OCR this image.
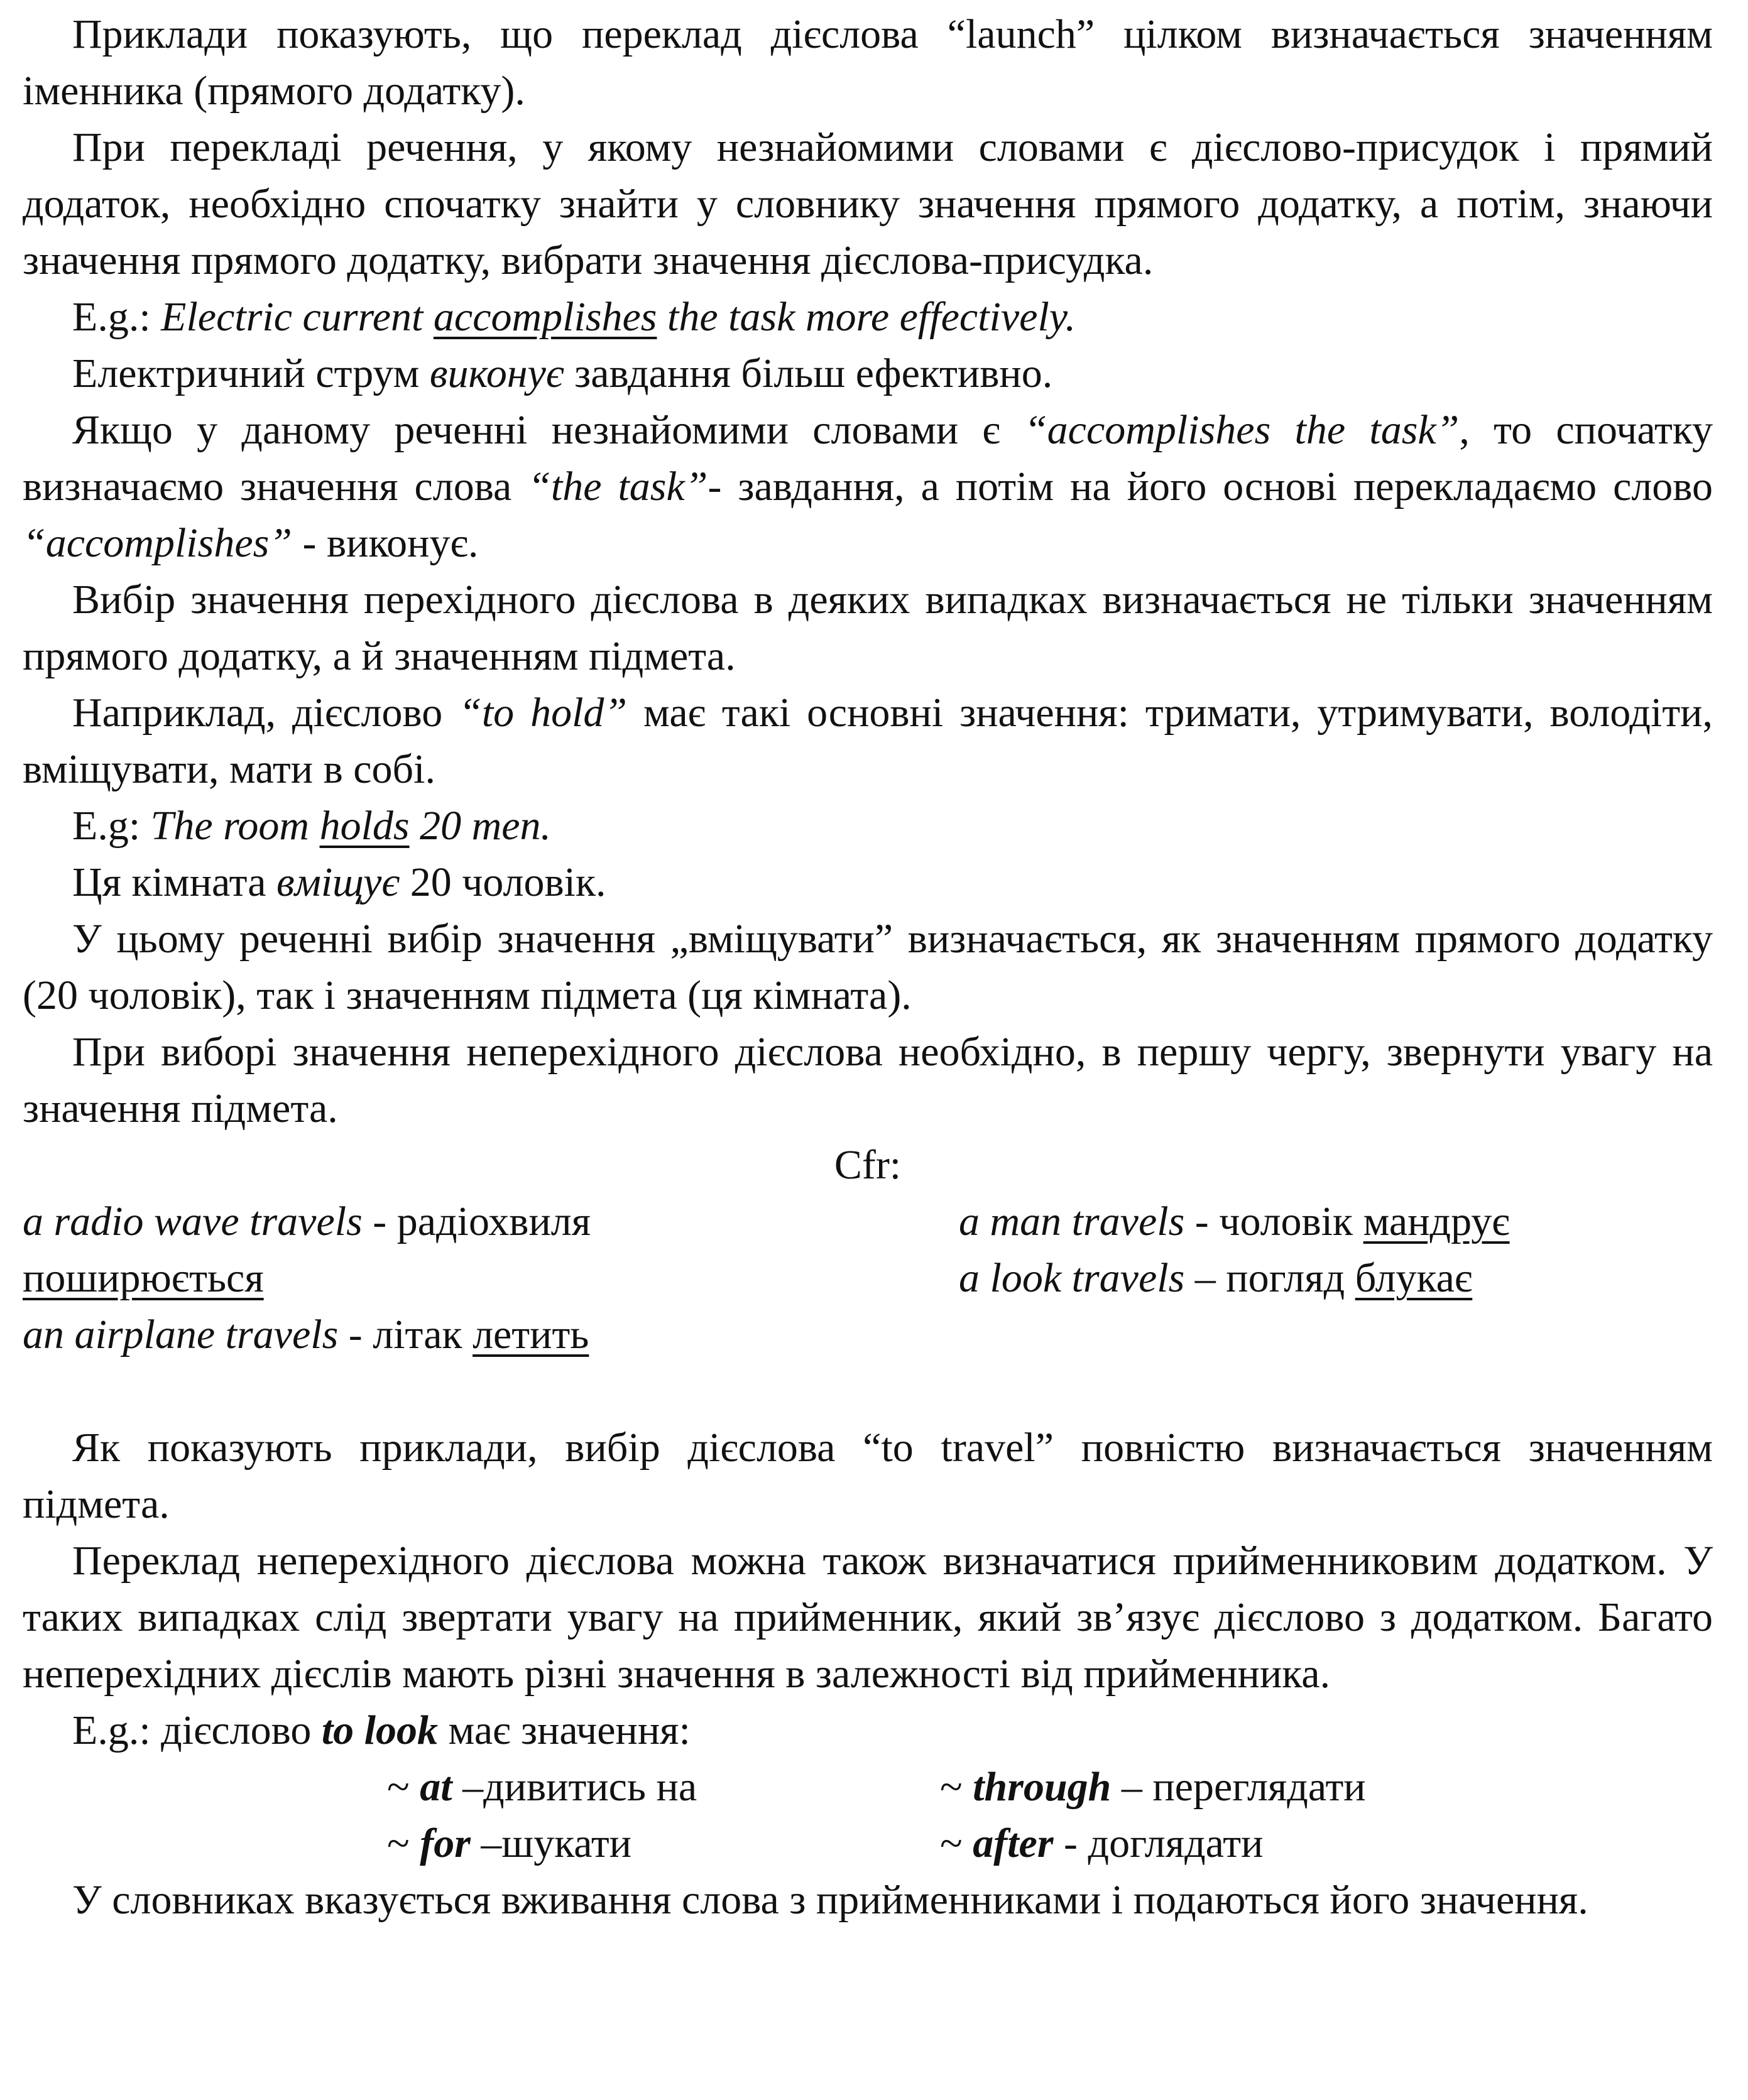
Приклади показують, що переклад дієслова “launch” цілком визначається значенням іменника (прямого додатку).

При перекладі речення, у якому незнайомими словами є дієслово-присудок і прямий додаток, необхідно спочатку знайти у словнику значення прямого додатку, а потім, знаючи значення прямого додатку, вибрати значення дієслова-присудка.

E.g.: Electric current accomplishes the task more effectively.

Електричний струм виконує завдання більш ефективно.

Якщо у даному реченні незнайомими словами є “accomplishes the task”, то спочатку визначаємо значення слова “the task”- завдання, а потім на його основі перекладаємо слово “accomplishes” - виконує.

Вибір значення перехідного дієслова в деяких випадках визначається не тільки значенням прямого додатку, а й значенням підмета.

Наприклад, дієслово “to hold” має такі основні значення: тримати, утримувати, володіти, вміщувати, мати в собі.

E.g: The room holds 20 men.

Ця кімната вміщує 20 чоловік.

У цьому реченні вибір значення „вміщувати” визначається, як значенням прямого додатку (20 чоловік), так і значенням підмета (ця кімната).

При виборі значення неперехідного дієслова необхідно, в першу чергу, звернути увагу на значення підмета.

Cfr:

a radio wave travels - радіохвиля поширюється

an airplane travels - літак летить

a man travels - чоловік мандрує

a look travels – погляд блукає

Як показують приклади, вибір дієслова “to travel” повністю визначається значенням підмета.

Переклад неперехідного дієслова можна також визначатися прийменниковим додатком. У таких випадках слід звертати увагу на прийменник, який зв’язує дієслово з додатком. Багато неперехідних дієслів мають різні значення в залежності від прийменника.

E.g.: дієслово to look має значення:

~ at –дивитись на	~ through – переглядати
~ for –шукати	~ after - доглядати

У словниках вказується вживання слова з прийменниками і подаються його значення.
